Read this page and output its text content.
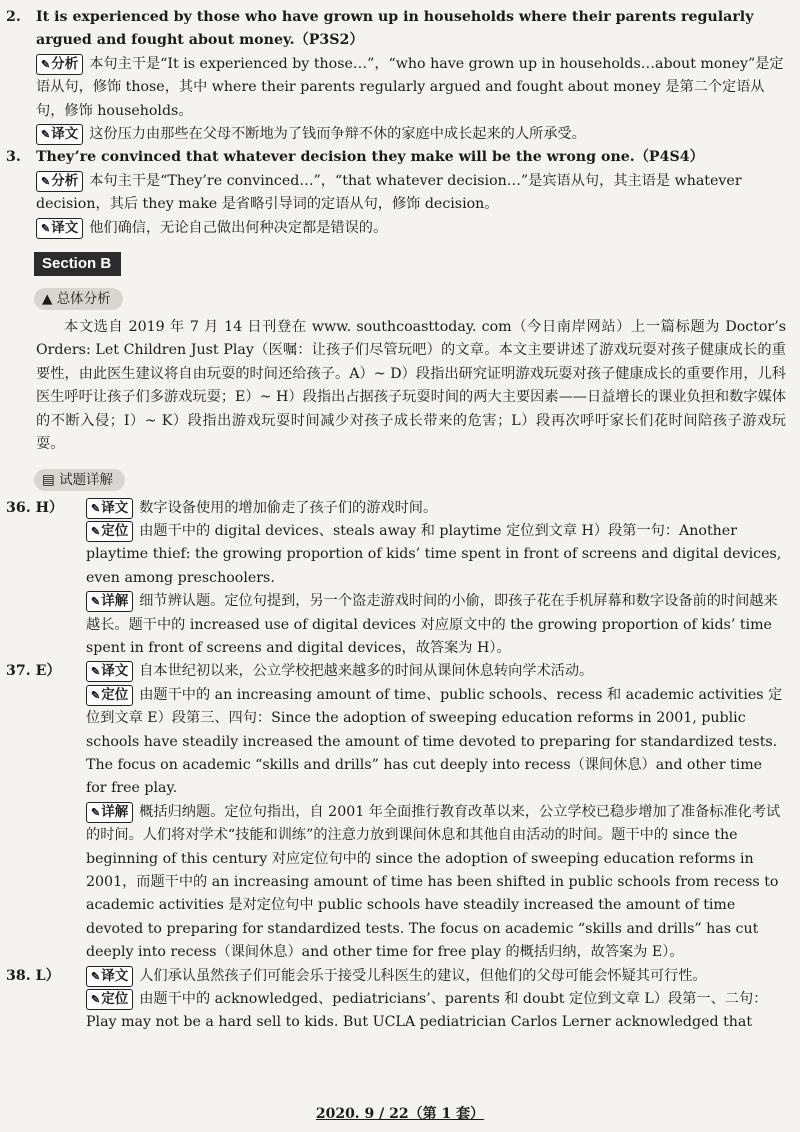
2. It is experienced by those who have grown up in households where their parents regularly argued and fought about money.（P3S2）

✎分析 本句主干是“It is experienced by those…”，“who have grown up in households…about money”是定语从句，修饰 those，其中 where their parents regularly argued and fought about money 是第二个定语从句，修饰 households。

✎译文 这份压力由那些在父母不断地为了钱而争辩不休的家庭中成长起来的人所承受。

3. They’re convinced that whatever decision they make will be the wrong one.（P4S4）

✎分析 本句主干是“They’re convinced…”，“that whatever decision…”是宾语从句，其主语是 whatever decision，其后 they make 是省略引导词的定语从句，修饰 decision。

✎译文 他们确信，无论自己做出何种决定都是错误的。

Section B
▲ 总体分析

本文选自 2019 年 7 月 14 日刊登在 www. southcoasttoday. com（今日南岸网站）上一篇标题为 Doctor’s Orders: Let Children Just Play（医嘱：让孩子们尽管玩吧）的文章。本文主要讲述了游戏玩耍对孩子健康成长的重要性，由此医生建议将自由玩耍的时间还给孩子。A）~ D）段指出研究证明游戏玩耍对孩子健康成长的重要作用，儿科医生呼吁让孩子们多游戏玩耍；E）~ H）段指出占据孩子玩耍时间的两大主要因素——日益增长的课业负担和数字媒体的不断入侵；I）~ K）段指出游戏玩耍时间减少对孩子成长带来的危害；L）段再次呼吁家长们花时间陪孩子游戏玩耍。

▤ 试题详解
36. H）	✎译文 数字设备使用的增加偷走了孩子们的游戏时间。

✎定位 由题干中的 digital devices、steals away 和 playtime 定位到文章 H）段第一句：Another playtime thief: the growing proportion of kids’ time spent in front of screens and digital devices, even among preschoolers.

✎详解 细节辨认题。定位句提到，另一个盗走游戏时间的小偷，即孩子花在手机屏幕和数字设备前的时间越来越长。题干中的 increased use of digital devices 对应原文中的 the growing proportion of kids’ time spent in front of screens and digital devices，故答案为 H）。

37. E）	✎译文 自本世纪初以来，公立学校把越来越多的时间从课间休息转向学术活动。

✎定位 由题干中的 an increasing amount of time、public schools、recess 和 academic activities 定位到文章 E）段第三、四句：Since the adoption of sweeping education reforms in 2001, public schools have steadily increased the amount of time devoted to preparing for standardized tests. The focus on academic “skills and drills” has cut deeply into recess（课间休息）and other time for free play.

✎详解 概括归纳题。定位句指出，自 2001 年全面推行教育改革以来，公立学校已稳步增加了准备标准化考试的时间。人们将对学术“技能和训练”的注意力放到课间休息和其他自由活动的时间。题干中的 since the beginning of this century 对应定位句中的 since the adoption of sweeping education reforms in 2001，而题干中的 an increasing amount of time has been shifted in public schools from recess to academic activities 是对定位句中 public schools have steadily increased the amount of time devoted to preparing for standardized tests. The focus on academic “skills and drills” has cut deeply into recess（课间休息）and other time for free play 的概括归纳，故答案为 E）。

38. L）	✎译文 人们承认虽然孩子们可能会乐于接受儿科医生的建议，但他们的父母可能会怀疑其可行性。

✎定位 由题干中的 acknowledged、pediatricians’、parents 和 doubt 定位到文章 L）段第一、二句：Play may not be a hard sell to kids. But UCLA pediatrician Carlos Lerner acknowledged that

2020. 9 / 22（第 1 套）
